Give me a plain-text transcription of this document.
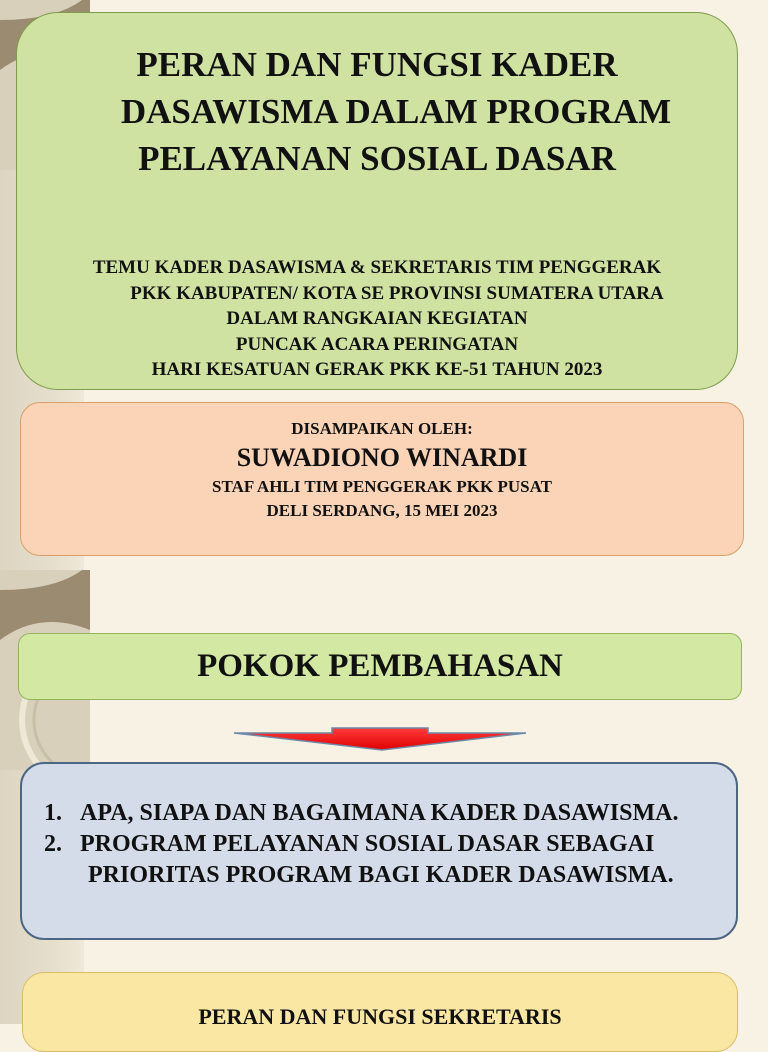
PERAN DAN FUNGSI KADER
DASAWISMA DALAM PROGRAM
PELAYANAN SOSIAL DASAR
TEMU KADER DASAWISMA & SEKRETARIS TIM PENGGERAK
PKK KABUPATEN/ KOTA SE PROVINSI SUMATERA UTARA
DALAM RANGKAIAN KEGIATAN
PUNCAK ACARA PERINGATAN
HARI KESATUAN GERAK PKK KE-51 TAHUN 2023
DISAMPAIKAN OLEH:
SUWADIONO WINARDI
STAF AHLI TIM PENGGERAK PKK PUSAT
DELI SERDANG, 15 MEI 2023
POKOK PEMBAHASAN
1. APA, SIAPA DAN BAGAIMANA KADER DASAWISMA.
2. PROGRAM PELAYANAN SOSIAL DASAR SEBAGAI
PRIORITAS PROGRAM BAGI KADER DASAWISMA.
PERAN DAN FUNGSI SEKRETARIS
